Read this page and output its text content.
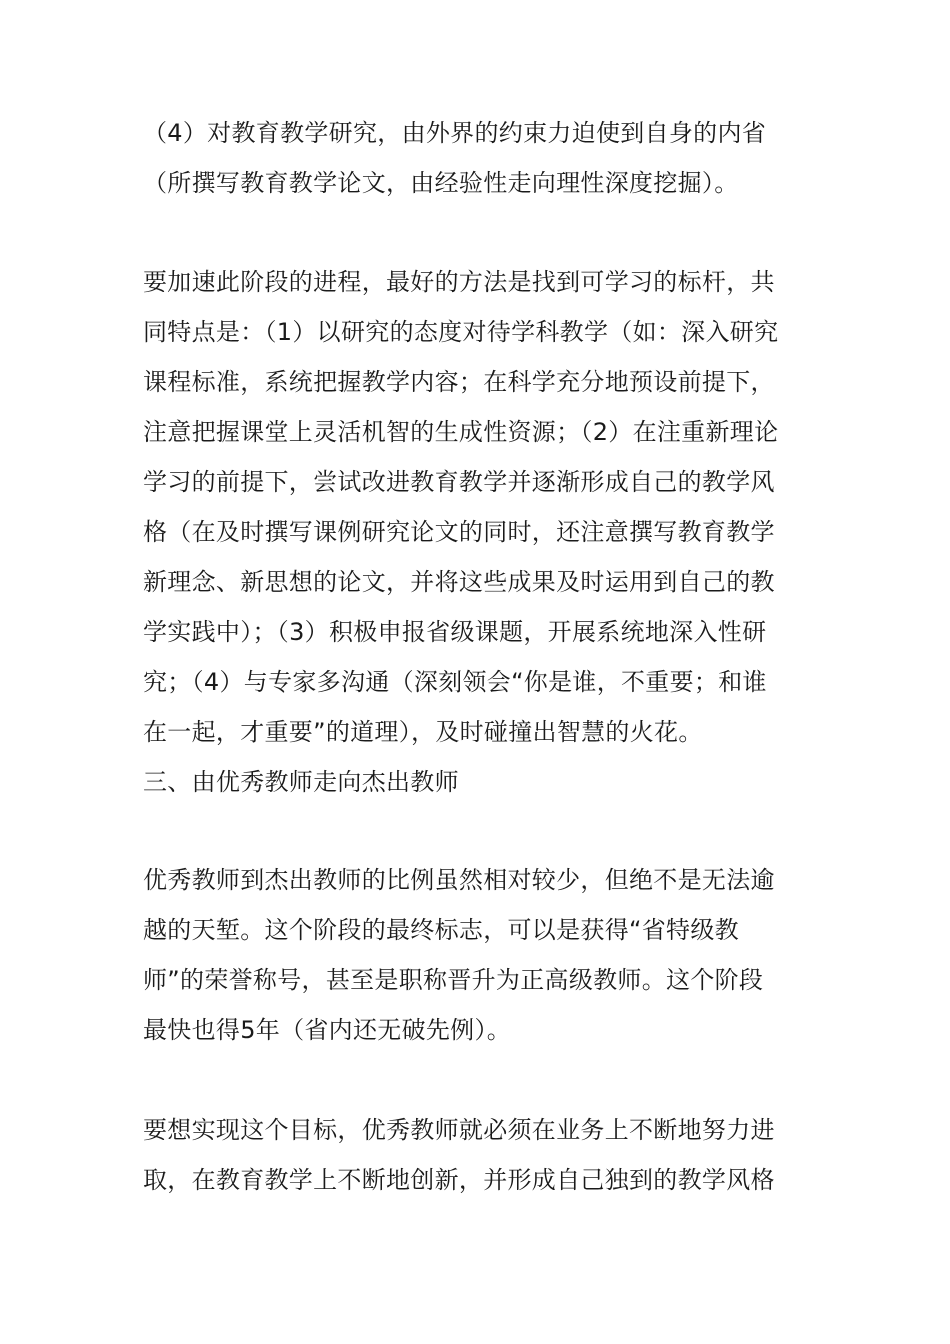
（4）对教育教学研究，由外界的约束力迫使到自身的内省
（所撰写教育教学论文，由经验性走向理性深度挖掘）。
要加速此阶段的进程，最好的方法是找到可学习的标杆，共
同特点是：（1）以研究的态度对待学科教学（如：深入研究
课程标准，系统把握教学内容；在科学充分地预设前提下，
注意把握课堂上灵活机智的生成性资源；（2）在注重新理论
学习的前提下，尝试改进教育教学并逐渐形成自己的教学风
格（在及时撰写课例研究论文的同时，还注意撰写教育教学
新理念、新思想的论文，并将这些成果及时运用到自己的教
学实践中）；（3）积极申报省级课题，开展系统地深入性研
究；（4）与专家多沟通（深刻领会“你是谁，不重要；和谁
在一起，才重要”的道理），及时碰撞出智慧的火花。
三、由优秀教师走向杰出教师
优秀教师到杰出教师的比例虽然相对较少，但绝不是无法逾
越的天堑。这个阶段的最终标志，可以是获得“省特级教
师”的荣誉称号，甚至是职称晋升为正高级教师。这个阶段
最快也得5年（省内还无破先例）。
要想实现这个目标，优秀教师就必须在业务上不断地努力进
取，在教育教学上不断地创新，并形成自己独到的教学风格
